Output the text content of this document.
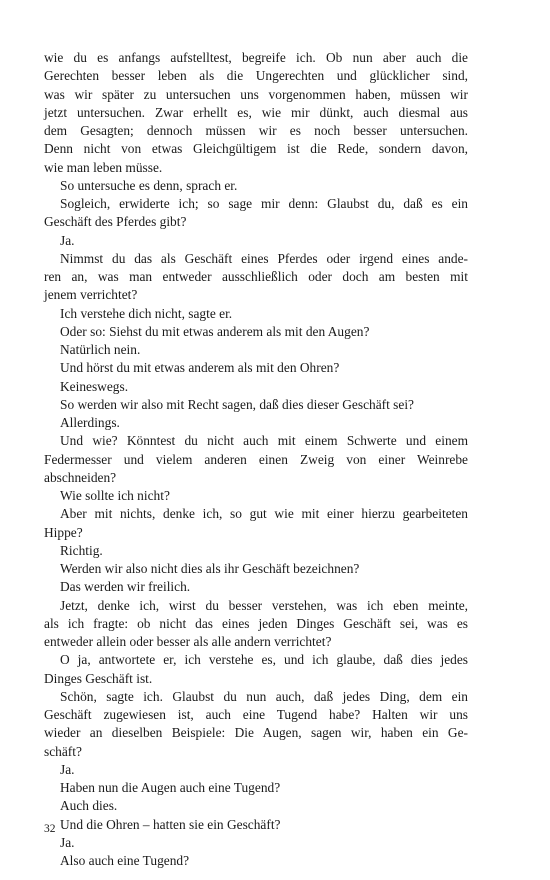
wie du es anfangs aufstelltest, begreife ich. Ob nun aber auch die
Gerechten besser leben als die Ungerechten und glücklicher sind,
was wir später zu untersuchen uns vorgenommen haben, müssen wir
jetzt untersuchen. Zwar erhellt es, wie mir dünkt, auch diesmal aus
dem Gesagten; dennoch müssen wir es noch besser untersuchen.
Denn nicht von etwas Gleichgültigem ist die Rede, sondern davon,
wie man leben müsse.
So untersuche es denn, sprach er.
Sogleich, erwiderte ich; so sage mir denn: Glaubst du, daß es ein
Geschäft des Pferdes gibt?
Ja.
Nimmst du das als Geschäft eines Pferdes oder irgend eines ande-
ren an, was man entweder ausschließlich oder doch am besten mit
jenem verrichtet?
Ich verstehe dich nicht, sagte er.
Oder so: Siehst du mit etwas anderem als mit den Augen?
Natürlich nein.
Und hörst du mit etwas anderem als mit den Ohren?
Keineswegs.
So werden wir also mit Recht sagen, daß dies dieser Geschäft sei?
Allerdings.
Und wie? Könntest du nicht auch mit einem Schwerte und einem
Federmesser und vielem anderen einen Zweig von einer Weinrebe
abschneiden?
Wie sollte ich nicht?
Aber mit nichts, denke ich, so gut wie mit einer hierzu gearbeiteten
Hippe?
Richtig.
Werden wir also nicht dies als ihr Geschäft bezeichnen?
Das werden wir freilich.
Jetzt, denke ich, wirst du besser verstehen, was ich eben meinte,
als ich fragte: ob nicht das eines jeden Dinges Geschäft sei, was es
entweder allein oder besser als alle andern verrichtet?
O ja, antwortete er, ich verstehe es, und ich glaube, daß dies jedes
Dinges Geschäft ist.
Schön, sagte ich. Glaubst du nun auch, daß jedes Ding, dem ein
Geschäft zugewiesen ist, auch eine Tugend habe? Halten wir uns
wieder an dieselben Beispiele: Die Augen, sagen wir, haben ein Ge-
schäft?
Ja.
Haben nun die Augen auch eine Tugend?
Auch dies.
Und die Ohren – hatten sie ein Geschäft?
Ja.
Also auch eine Tugend?
32
